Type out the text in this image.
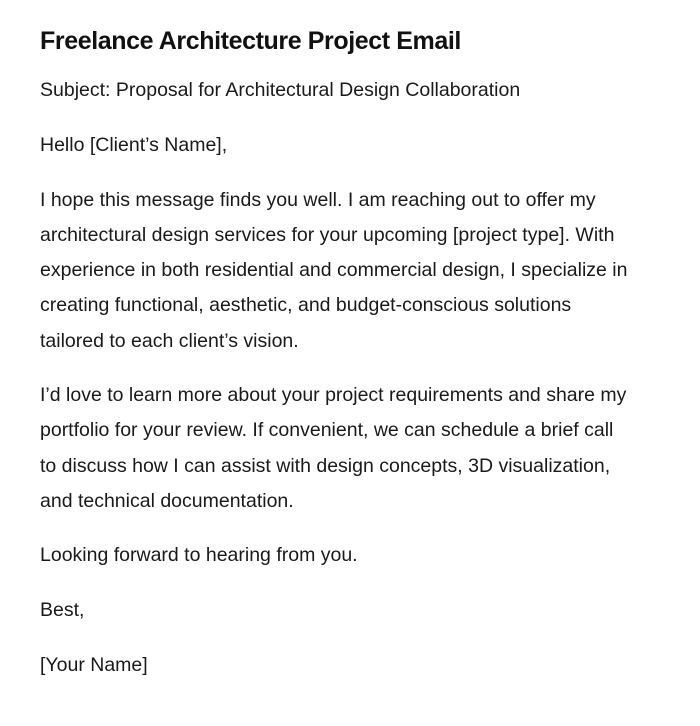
Freelance Architecture Project Email

Subject: Proposal for Architectural Design Collaboration

Hello [Client’s Name],

I hope this message finds you well. I am reaching out to offer my architectural design services for your upcoming [project type]. With experience in both residential and commercial design, I specialize in creating functional, aesthetic, and budget-conscious solutions tailored to each client’s vision.

I’d love to learn more about your project requirements and share my portfolio for your review. If convenient, we can schedule a brief call to discuss how I can assist with design concepts, 3D visualization, and technical documentation.

Looking forward to hearing from you.

Best,

[Your Name]
